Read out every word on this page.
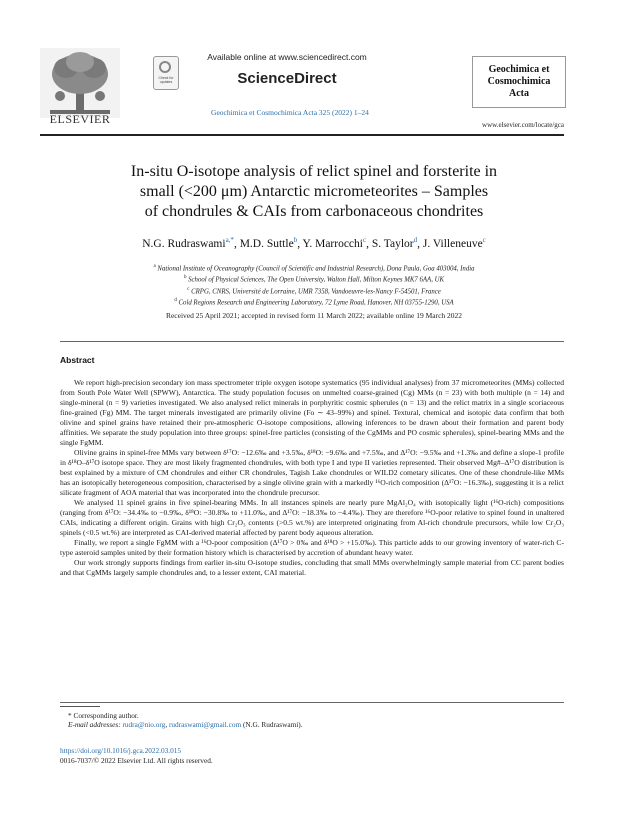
ELSEVIER
Check for updates
Available online at www.sciencedirect.com
ScienceDirect
Geochimica et Cosmochimica Acta 325 (2022) 1–24
Geochimica et
Cosmochimica
Acta
www.elsevier.com/locate/gca
In-situ O-isotope analysis of relict spinel and forsterite in
small (<200 μm) Antarctic micrometeorites – Samples
of chondrules & CAIs from carbonaceous chondrites
N.G. Rudraswami$^{a,*}$, M.D. Suttle$^b$, Y. Marrocchi$^c$, S. Taylor$^d$, J. Villeneuve$^c$
$^a$ National Institute of Oceanography (Council of Scientific and Industrial Research), Dona Paula, Goa 403004, India
$^b$ School of Physical Sciences, The Open University, Walton Hall, Milton Keynes MK7 6AA, UK
$^c$ CRPG, CNRS, Université de Lorraine, UMR 7358, Vandoeuvre-les-Nancy F-54501, France
$^d$ Cold Regions Research and Engineering Laboratory, 72 Lyme Road, Hanover, NH 03755-1290, USA
Received 25 April 2021; accepted in revised form 11 March 2022; available online 19 March 2022
Abstract

We report high-precision secondary ion mass spectrometer triple oxygen isotope systematics (95 individual analyses) from 37 micrometeorites (MMs) collected from South Pole Water Well (SPWW), Antarctica. The study population focuses on unmelted coarse-grained (Cg) MMs (n = 23) with both multiple (n = 14) and single-mineral (n = 9) varieties investigated. We also analysed relict minerals in porphyritic cosmic spherules (n = 13) and the relict matrix in a single scoriaceous fine-grained (Fg) MM. The target minerals investigated are primarily olivine (Fo ∼ 43–99%) and spinel. Textural, chemical and isotopic data confirm that both olivine and spinel grains have retained their pre-atmospheric O-isotope compositions, allowing inferences to be drawn about their formation and parent body affinities. We separate the study population into three groups: spinel-free particles (consisting of the CgMMs and PO cosmic spherules), spinel-bearing MMs and the single FgMM.

Olivine grains in spinel-free MMs vary between δ¹⁷O: −12.6‰ and +3.5‰, δ¹⁸O: −9.6‰ and +7.5‰, and Δ¹⁷O: −9.5‰ and +1.3‰ and define a slope-1 profile in δ¹⁸O–δ¹⁷O isotope space. They are most likely fragmented chondrules, with both type I and type II varieties represented. Their observed Mg#–Δ¹⁷O distribution is best explained by a mixture of CM chondrules and either CR chondrules, Tagish Lake chondrules or WILD2 cometary silicates. One of these chondrule-like MMs has an isotopically heterogeneous composition, characterised by a single olivine grain with a markedly ¹⁶O-rich composition (Δ¹⁷O: −16.3‰), suggesting it is a relict silicate fragment of AOA material that was incorporated into the chondrule precursor.

We analysed 11 spinel grains in five spinel-bearing MMs. In all instances spinels are nearly pure MgAl₂O₄ with isotopically light (¹⁶O-rich) compositions (ranging from δ¹⁷O: −34.4‰ to −0.9‰, δ¹⁸O: −30.8‰ to +11.0‰, and Δ¹⁷O: −18.3‰ to −4.4‰). They are therefore ¹⁶O-poor relative to spinel found in unaltered CAIs, indicating a different origin. Grains with high Cr₂O₃ contents (>0.5 wt.%) are interpreted originating from Al-rich chondrule precursors, while low Cr₂O₃ spinels (<0.5 wt.%) are interpreted as CAI-derived material affected by parent body aqueous alteration.

Finally, we report a single FgMM with a ¹⁶O-poor composition (Δ¹⁷O > 0‰ and δ¹⁸O > +15.0‰). This particle adds to our growing inventory of water-rich C-type asteroid samples united by their formation history which is characterised by accretion of abundant heavy water.

Our work strongly supports findings from earlier in-situ O-isotope studies, concluding that small MMs overwhelmingly sample material from CC parent bodies and that CgMMs largely sample chondrules and, to a lesser extent, CAI material.

* Corresponding author.
E-mail addresses: rudra@nio.org, rudraswami@gmail.com (N.G. Rudraswami).
https://doi.org/10.1016/j.gca.2022.03.015
0016-7037/© 2022 Elsevier Ltd. All rights reserved.
